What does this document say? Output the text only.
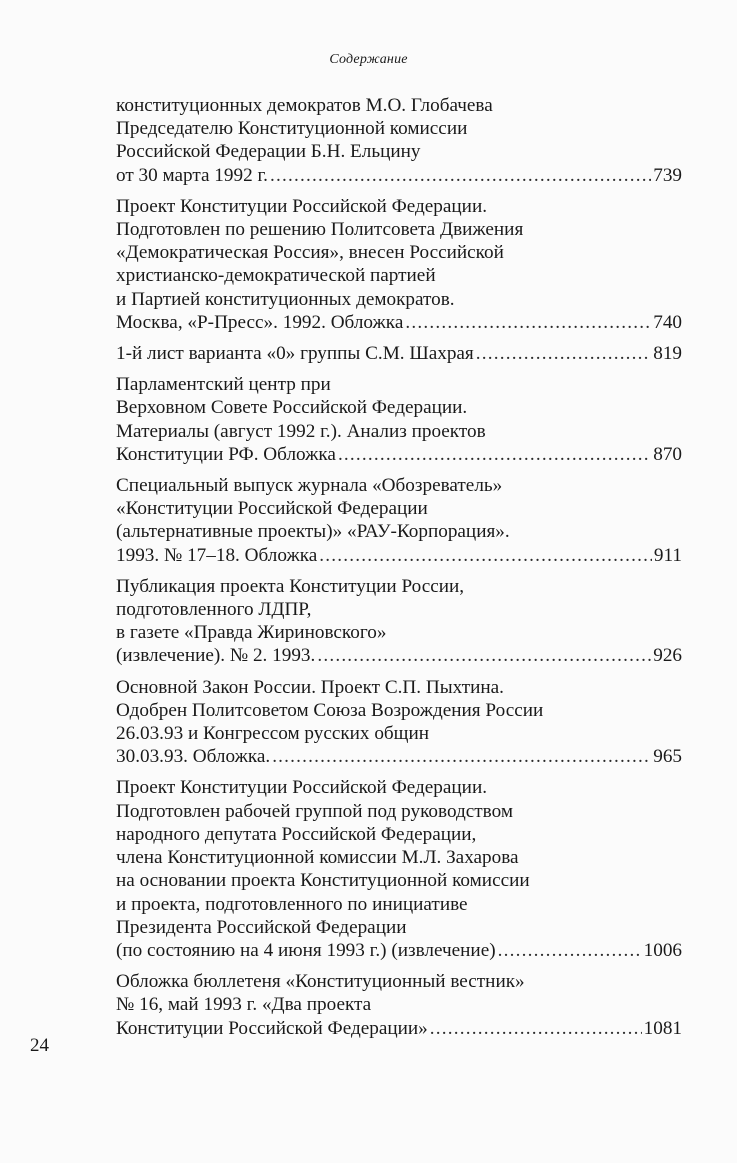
Содержание
конституционных демократов М.О. Глобачева
Председателю Конституционной комиссии
Российской Федерации Б.Н. Ельцину
от 30 марта 1992 г. .....	739
Проект Конституции Российской Федерации.
Подготовлен по решению Политсовета Движения
«Демократическая Россия», внесен Российской
христианско-демократической партией
и Партией конституционных демократов.
Москва, «Р-Пресс». 1992. Обложка .....	740
1-й лист варианта «0» группы С.М. Шахрая .....	819
Парламентский центр при
Верховном Совете Российской Федерации.
Материалы (август 1992 г.). Анализ проектов
Конституции РФ. Обложка .....	870
Специальный выпуск журнала «Обозреватель»
«Конституции Российской Федерации
(альтернативные проекты)» «РАУ-Корпорация».
1993. № 17–18. Обложка .....	911
Публикация проекта Конституции России,
подготовленного ЛДПР,
в газете «Правда Жириновского»
(извлечение). № 2. 1993. .....	926
Основной Закон России. Проект С.П. Пыхтина.
Одобрен Политсоветом Союза Возрождения России
26.03.93 и Конгрессом русских общин
30.03.93. Обложка. .....	965
Проект Конституции Российской Федерации.
Подготовлен рабочей группой под руководством
народного депутата Российской Федерации,
члена Конституционной комиссии М.Л. Захарова
на основании проекта Конституционной комиссии
и проекта, подготовленного по инициативе
Президента Российской Федерации
(по состоянию на 4 июня 1993 г.) (извлечение) .....	1006
Обложка бюллетеня «Конституционный вестник»
№ 16, май 1993 г. «Два проекта
Конституции Российской Федерации» .....	1081
24
